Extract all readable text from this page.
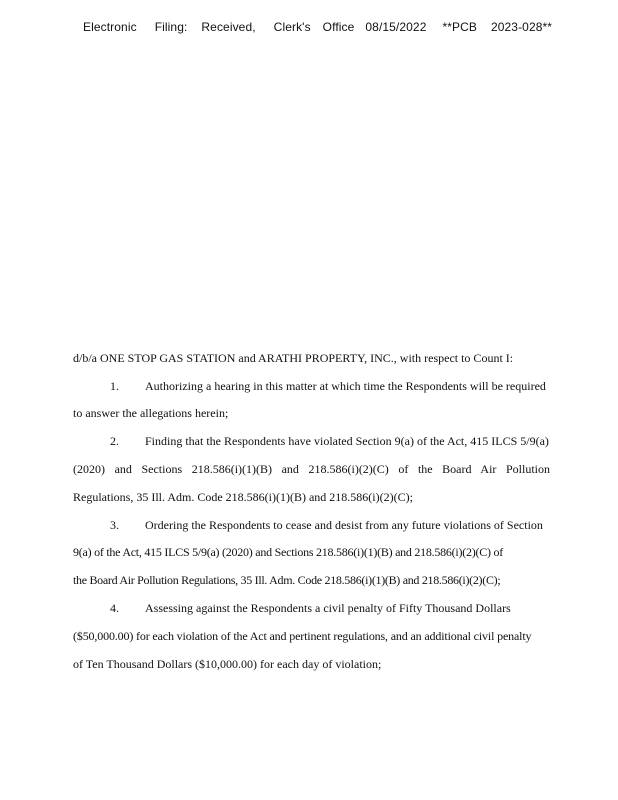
Electronic Filing: Received, Clerk's Office 08/15/2022 **PCB 2023-028**
d/b/a ONE STOP GAS STATION and ARATHI PROPERTY, INC., with respect to Count I:
1. Authorizing a hearing in this matter at which time the Respondents will be required
to answer the allegations herein;
2. Finding that the Respondents have violated Section 9(a) of the Act, 415 ILCS 5/9(a)
(2020) and Sections 218.586(i)(1)(B) and 218.586(i)(2)(C) of the Board Air Pollution
Regulations, 35 Ill. Adm. Code 218.586(i)(1)(B) and 218.586(i)(2)(C);
3. Ordering the Respondents to cease and desist from any future violations of Section
9(a) of the Act, 415 ILCS 5/9(a) (2020) and Sections 218.586(i)(1)(B) and 218.586(i)(2)(C) of
the Board Air Pollution Regulations, 35 Ill. Adm. Code 218.586(i)(1)(B) and 218.586(i)(2)(C);
4. Assessing against the Respondents a civil penalty of Fifty Thousand Dollars
($50,000.00) for each violation of the Act and pertinent regulations, and an additional civil penalty
of Ten Thousand Dollars ($10,000.00) for each day of violation;
